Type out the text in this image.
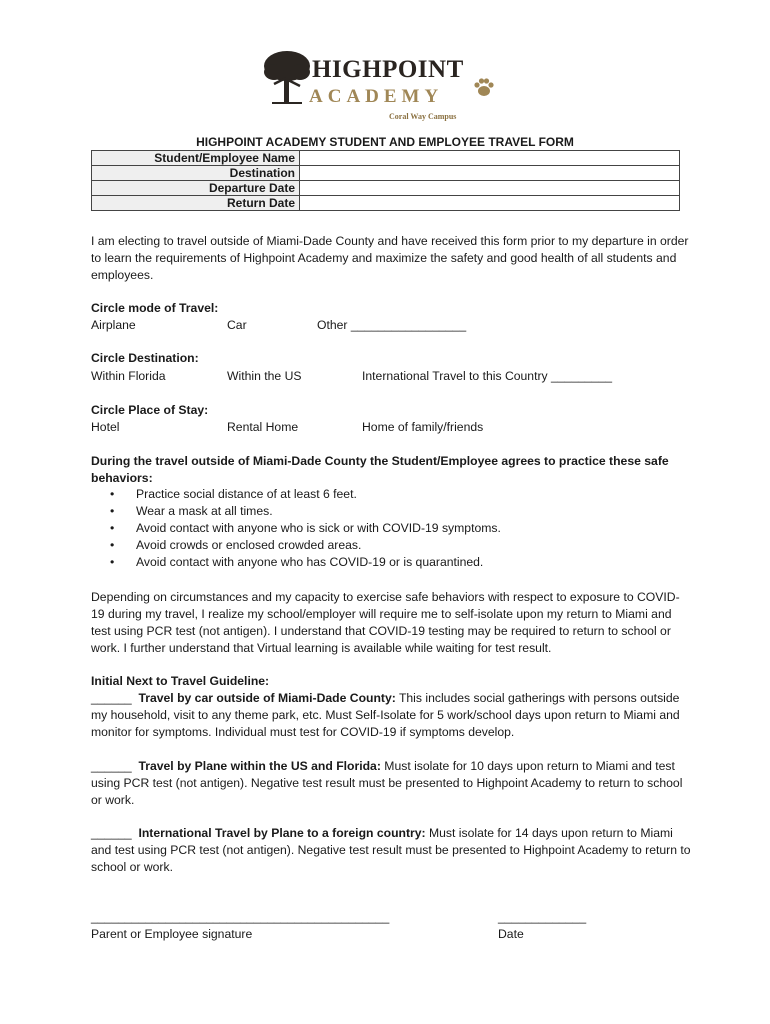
HIGHPOINT
ACADEMY
Coral Way Campus
HIGHPOINT ACADEMY STUDENT AND EMPLOYEE TRAVEL FORM
Student/Employee Name	
Destination	
Departure Date	
Return Date	
I am electing to travel outside of Miami-Dade County and have received this form prior to my departure in order to learn the requirements of Highpoint Academy and maximize the safety and good health of all students and employees.
Circle mode of Travel:
Airplane	Car	Other _________________
Circle Destination:
Within Florida	Within the US	International Travel to this Country _________
Circle Place of Stay:
Hotel	Rental Home	Home of family/friends
During the travel outside of Miami-Dade County the Student/Employee agrees to practice these safe behaviors:
• Practice social distance of at least 6 feet.
• Wear a mask at all times.
• Avoid contact with anyone who is sick or with COVID-19 symptoms.
• Avoid crowds or enclosed crowded areas.
• Avoid contact with anyone who has COVID-19 or is quarantined.
Depending on circumstances and my capacity to exercise safe behaviors with respect to exposure to COVID-19 during my travel, I realize my school/employer will require me to self-isolate upon my return to Miami and test using PCR test (not antigen). I understand that COVID-19 testing may be required to return to school or work. I further understand that Virtual learning is available while waiting for test result.
Initial Next to Travel Guideline:
______ Travel by car outside of Miami-Dade County: This includes social gatherings with persons outside my household, visit to any theme park, etc. Must Self-Isolate for 5 work/school days upon return to Miami and monitor for symptoms. Individual must test for COVID-19 if symptoms develop.
______ Travel by Plane within the US and Florida: Must isolate for 10 days upon return to Miami and test using PCR test (not antigen). Negative test result must be presented to Highpoint Academy to return to school or work.
______ International Travel by Plane to a foreign country: Must isolate for 14 days upon return to Miami and test using PCR test (not antigen). Negative test result must be presented to Highpoint Academy to return to school or work.
____________________________________________
Parent or Employee signature
_____________
Date
